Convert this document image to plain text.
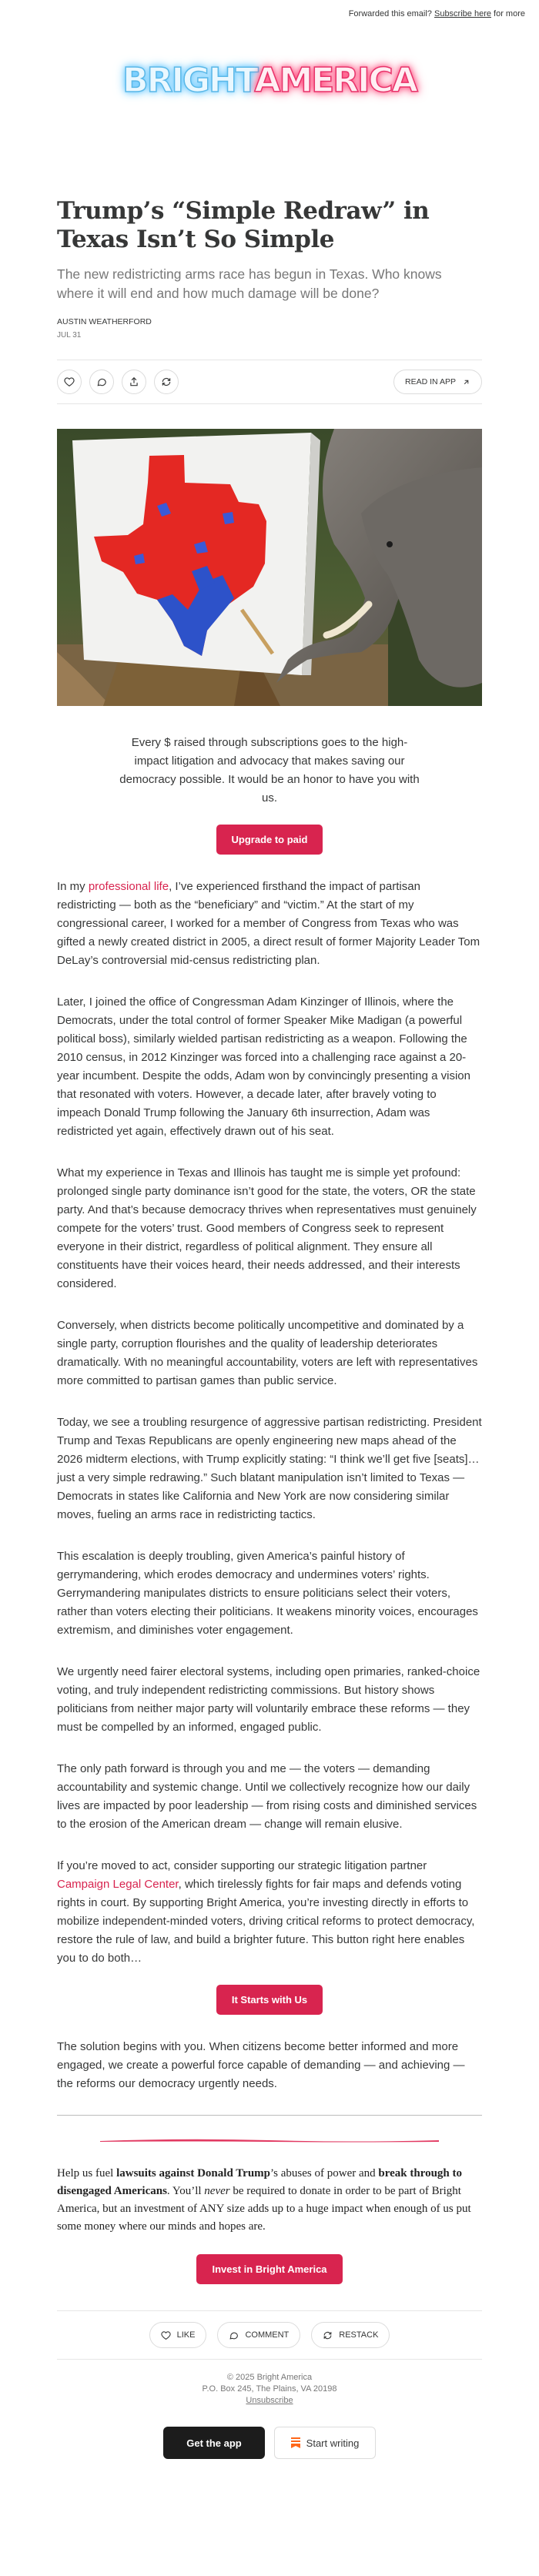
Forwarded this email? Subscribe here for more
BRIGHTAMERICA
Trump’s “Simple Redraw” in Texas Isn’t So Simple
The new redistricting arms race has begun in Texas. Who knows where it will end and how much damage will be done?
AUSTIN WEATHERFORD
JUL 31
READ IN APP
Every $ raised through subscriptions goes to the high-impact litigation and advocacy that makes saving our democracy possible. It would be an honor to have you with us.
Upgrade to paid

In my professional life, I’ve experienced firsthand the impact of partisan redistricting — both as the “beneficiary” and “victim.” At the start of my congressional career, I worked for a member of Congress from Texas who was gifted a newly created district in 2005, a direct result of former Majority Leader Tom DeLay’s controversial mid-census redistricting plan.

Later, I joined the office of Congressman Adam Kinzinger of Illinois, where the Democrats, under the total control of former Speaker Mike Madigan (a powerful political boss), similarly wielded partisan redistricting as a weapon. Following the 2010 census, in 2012 Kinzinger was forced into a challenging race against a 20-year incumbent. Despite the odds, Adam won by convincingly presenting a vision that resonated with voters. However, a decade later, after bravely voting to impeach Donald Trump following the January 6th insurrection, Adam was redistricted yet again, effectively drawn out of his seat.

What my experience in Texas and Illinois has taught me is simple yet profound: prolonged single party dominance isn’t good for the state, the voters, OR the state party. And that’s because democracy thrives when representatives must genuinely compete for the voters’ trust. Good members of Congress seek to represent everyone in their district, regardless of political alignment. They ensure all constituents have their voices heard, their needs addressed, and their interests considered.

Conversely, when districts become politically uncompetitive and dominated by a single party, corruption flourishes and the quality of leadership deteriorates dramatically. With no meaningful accountability, voters are left with representatives more committed to partisan games than public service.

Today, we see a troubling resurgence of aggressive partisan redistricting. President Trump and Texas Republicans are openly engineering new maps ahead of the 2026 midterm elections, with Trump explicitly stating: “I think we’ll get five [seats]… just a very simple redrawing.” Such blatant manipulation isn’t limited to Texas — Democrats in states like California and New York are now considering similar moves, fueling an arms race in redistricting tactics.

This escalation is deeply troubling, given America’s painful history of gerrymandering, which erodes democracy and undermines voters’ rights. Gerrymandering manipulates districts to ensure politicians select their voters, rather than voters electing their politicians. It weakens minority voices, encourages extremism, and diminishes voter engagement.

We urgently need fairer electoral systems, including open primaries, ranked-choice voting, and truly independent redistricting commissions. But history shows politicians from neither major party will voluntarily embrace these reforms — they must be compelled by an informed, engaged public.

The only path forward is through you and me — the voters — demanding accountability and systemic change. Until we collectively recognize how our daily lives are impacted by poor leadership — from rising costs and diminished services to the erosion of the American dream — change will remain elusive.

If you’re moved to act, consider supporting our strategic litigation partner Campaign Legal Center, which tirelessly fights for fair maps and defends voting rights in court. By supporting Bright America, you’re investing directly in efforts to mobilize independent-minded voters, driving critical reforms to protect democracy, restore the rule of law, and build a brighter future. This button right here enables you to do both…

It Starts with Us

The solution begins with you. When citizens become better informed and more engaged, we create a powerful force capable of demanding — and achieving — the reforms our democracy urgently needs.

Help us fuel lawsuits against Donald Trump’s abuses of power and break through to disengaged Americans. You’ll never be required to donate in order to be part of Bright America, but an investment of ANY size adds up to a huge impact when enough of us put some money where our minds and hopes are.
Invest in Bright America
LIKE	COMMENT	RESTACK
© 2025 Bright America
P.O. Box 245, The Plains, VA 20198
Unsubscribe
Get the app	Start writing
